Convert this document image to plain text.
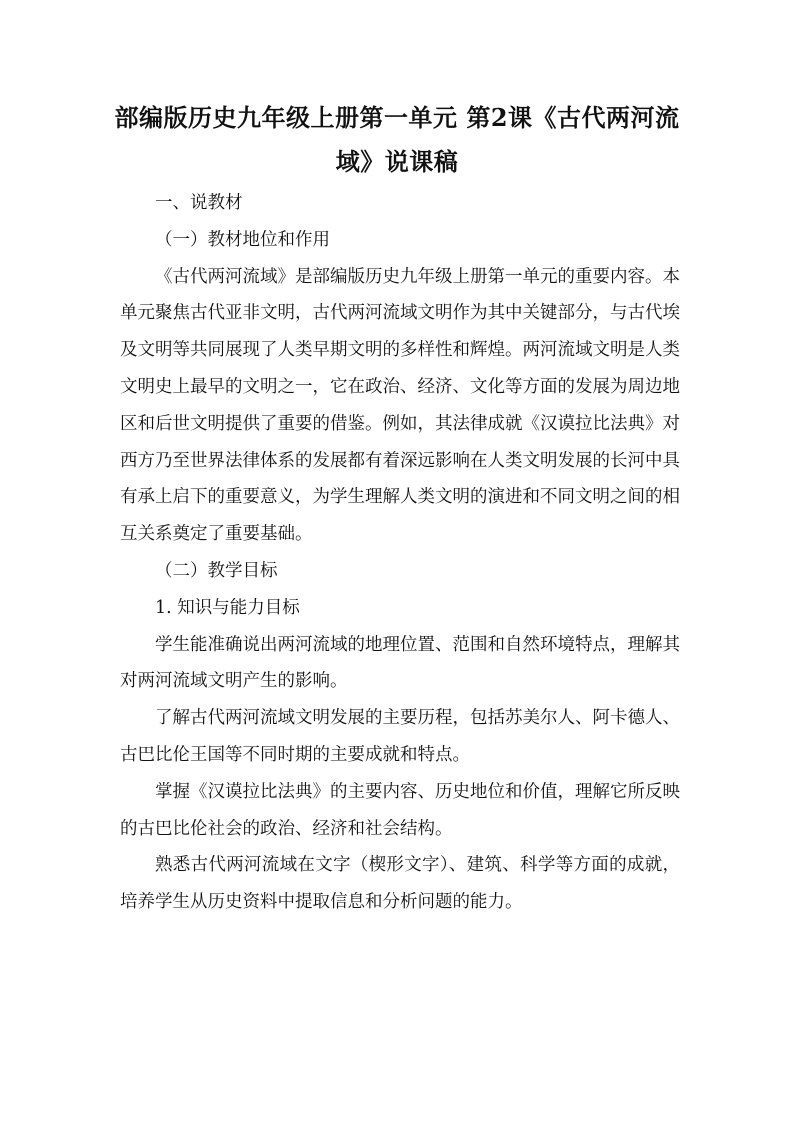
部编版历史九年级上册第一单元 第2课《古代两河流域》说课稿

一、说教材

（一）教材地位和作用

《古代两河流域》是部编版历史九年级上册第一单元的重要内容。本单元聚焦古代亚非文明，古代两河流域文明作为其中关键部分，与古代埃及文明等共同展现了人类早期文明的多样性和辉煌。两河流域文明是人类文明史上最早的文明之一，它在政治、经济、文化等方面的发展为周边地区和后世文明提供了重要的借鉴。例如，其法律成就《汉谟拉比法典》对西方乃至世界法律体系的发展都有着深远影响在人类文明发展的长河中具有承上启下的重要意义，为学生理解人类文明的演进和不同文明之间的相互关系奠定了重要基础。

（二）教学目标

1. 知识与能力目标

学生能准确说出两河流域的地理位置、范围和自然环境特点，理解其对两河流域文明产生的影响。

了解古代两河流域文明发展的主要历程，包括苏美尔人、阿卡德人、古巴比伦王国等不同时期的主要成就和特点。

掌握《汉谟拉比法典》的主要内容、历史地位和价值，理解它所反映的古巴比伦社会的政治、经济和社会结构。

熟悉古代两河流域在文字（楔形文字）、建筑、科学等方面的成就，培养学生从历史资料中提取信息和分析问题的能力。
